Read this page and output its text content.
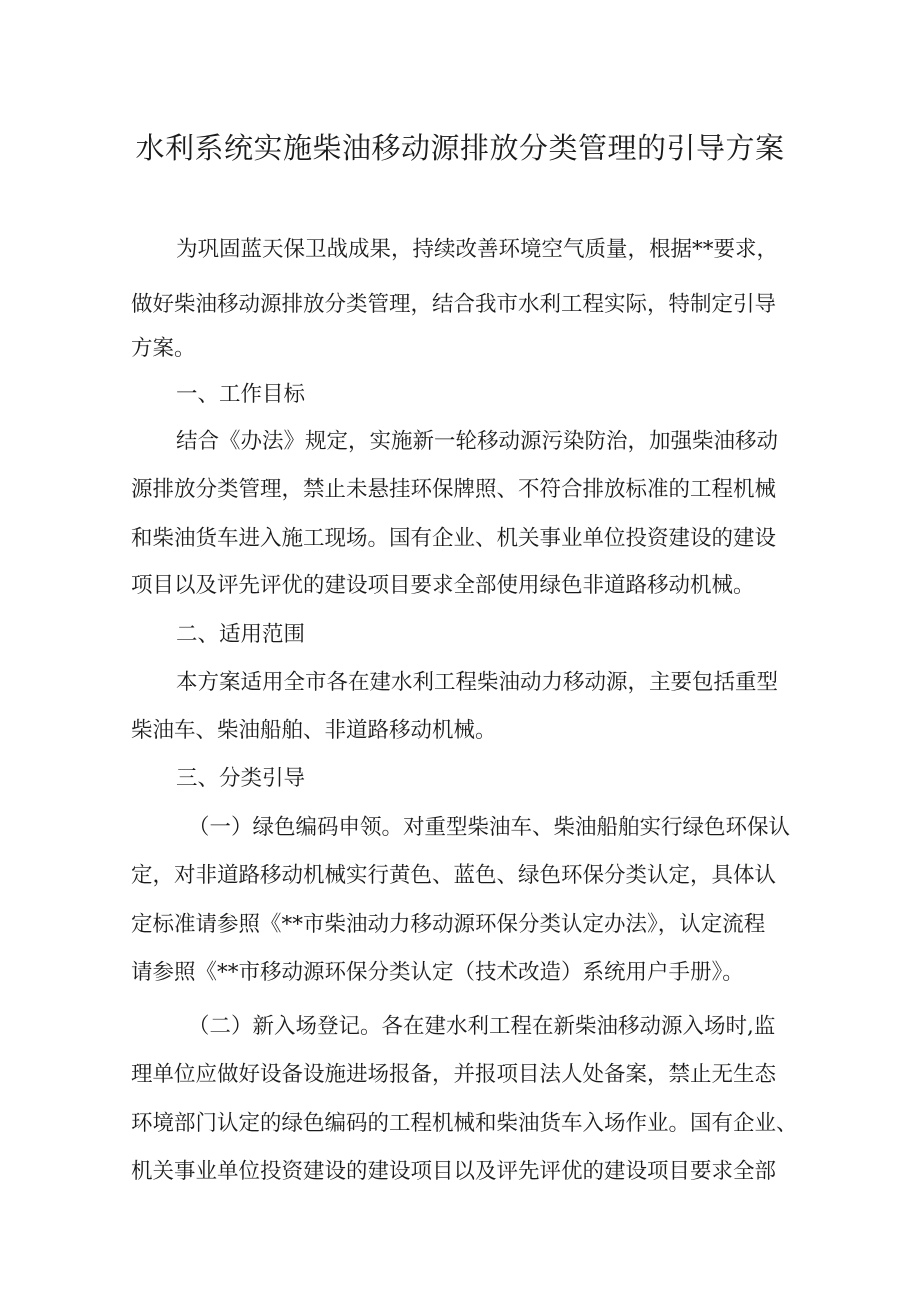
水利系统实施柴油移动源排放分类管理的引导方案
为巩固蓝天保卫战成果，持续改善环境空气质量，根据**要求，
做好柴油移动源排放分类管理，结合我市水利工程实际，特制定引导
方案。
一、工作目标
结合《办法》规定，实施新一轮移动源污染防治，加强柴油移动
源排放分类管理，禁止未悬挂环保牌照、不符合排放标准的工程机械
和柴油货车进入施工现场。国有企业、机关事业单位投资建设的建设
项目以及评先评优的建设项目要求全部使用绿色非道路移动机械。
二、适用范围
本方案适用全市各在建水利工程柴油动力移动源，主要包括重型
柴油车、柴油船舶、非道路移动机械。
三、分类引导
（一）绿色编码申领。对重型柴油车、柴油船舶实行绿色环保认
定，对非道路移动机械实行黄色、蓝色、绿色环保分类认定，具体认
定标准请参照《**市柴油动力移动源环保分类认定办法》，认定流程
请参照《**市移动源环保分类认定（技术改造）系统用户手册》。
（二）新入场登记。各在建水利工程在新柴油移动源入场时,监
理单位应做好设备设施进场报备，并报项目法人处备案，禁止无生态
环境部门认定的绿色编码的工程机械和柴油货车入场作业。国有企业、
机关事业单位投资建设的建设项目以及评先评优的建设项目要求全部
